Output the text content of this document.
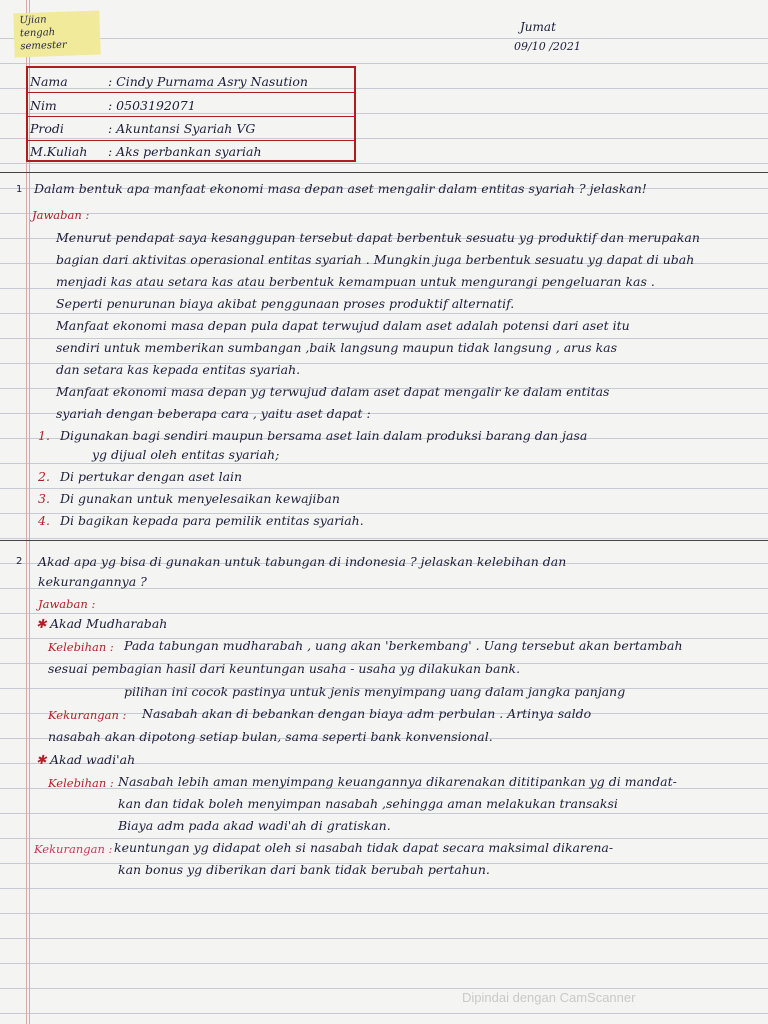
Ujian
tengah
semester
Jumat
09/10 /2021
Nama	: Cindy Purnama Asry Nasution
Nim	: 0503192071
Prodi	: Akuntansi Syariah VG
M.Kuliah : Aks perbankan syariah
1 Dalam bentuk apa manfaat ekonomi masa depan aset mengalir dalam entitas syariah ? jelaskan!
Jawaban :
Menurut pendapat saya kesanggupan tersebut dapat berbentuk sesuatu yg produktif dan merupakan
bagian dari aktivitas operasional entitas syariah . Mungkin juga berbentuk sesuatu yg dapat di ubah
menjadi kas atau setara kas atau berbentuk kemampuan untuk mengurangi pengeluaran kas .
Seperti penurunan biaya akibat penggunaan proses produktif alternatif.
Manfaat ekonomi masa depan pula dapat terwujud dalam aset adalah potensi dari aset itu
sendiri untuk memberikan sumbangan ,baik langsung maupun tidak langsung , arus kas
dan setara kas kepada entitas syariah.
Manfaat ekonomi masa depan yg terwujud dalam aset dapat mengalir ke dalam entitas
syariah dengan beberapa cara , yaitu aset dapat :
1. Digunakan bagi sendiri maupun bersama aset lain dalam produksi barang dan jasa
yg dijual oleh entitas syariah;
2. Di pertukar dengan aset lain
3. Di gunakan untuk menyelesaikan kewajiban
4. Di bagikan kepada para pemilik entitas syariah.
2 Akad apa yg bisa di gunakan untuk tabungan di indonesia ? jelaskan kelebihan dan
kekurangannya ?
Jawaban :
✱ Akad Mudharabah
Kelebihan : Pada tabungan mudharabah , uang akan 'berkembang' . Uang tersebut akan bertambah
sesuai pembagian hasil dari keuntungan usaha - usaha yg dilakukan bank.
pilihan ini cocok pastinya untuk jenis menyimpang uang dalam jangka panjang
Kekurangan : Nasabah akan di bebankan dengan biaya adm perbulan . Artinya saldo
nasabah akan dipotong setiap bulan, sama seperti bank konvensional.
✱ Akad wadi'ah
Kelebihan : Nasabah lebih aman menyimpang keuangannya dikarenakan dititipankan yg di mandat-
kan dan tidak boleh menyimpan nasabah ,sehingga aman melakukan transaksi
Biaya adm pada akad wadi'ah di gratiskan.
Kekurangan : keuntungan yg didapat oleh si nasabah tidak dapat secara maksimal dikarena-
kan bonus yg diberikan dari bank tidak berubah pertahun.
Dipindai dengan CamScanner
